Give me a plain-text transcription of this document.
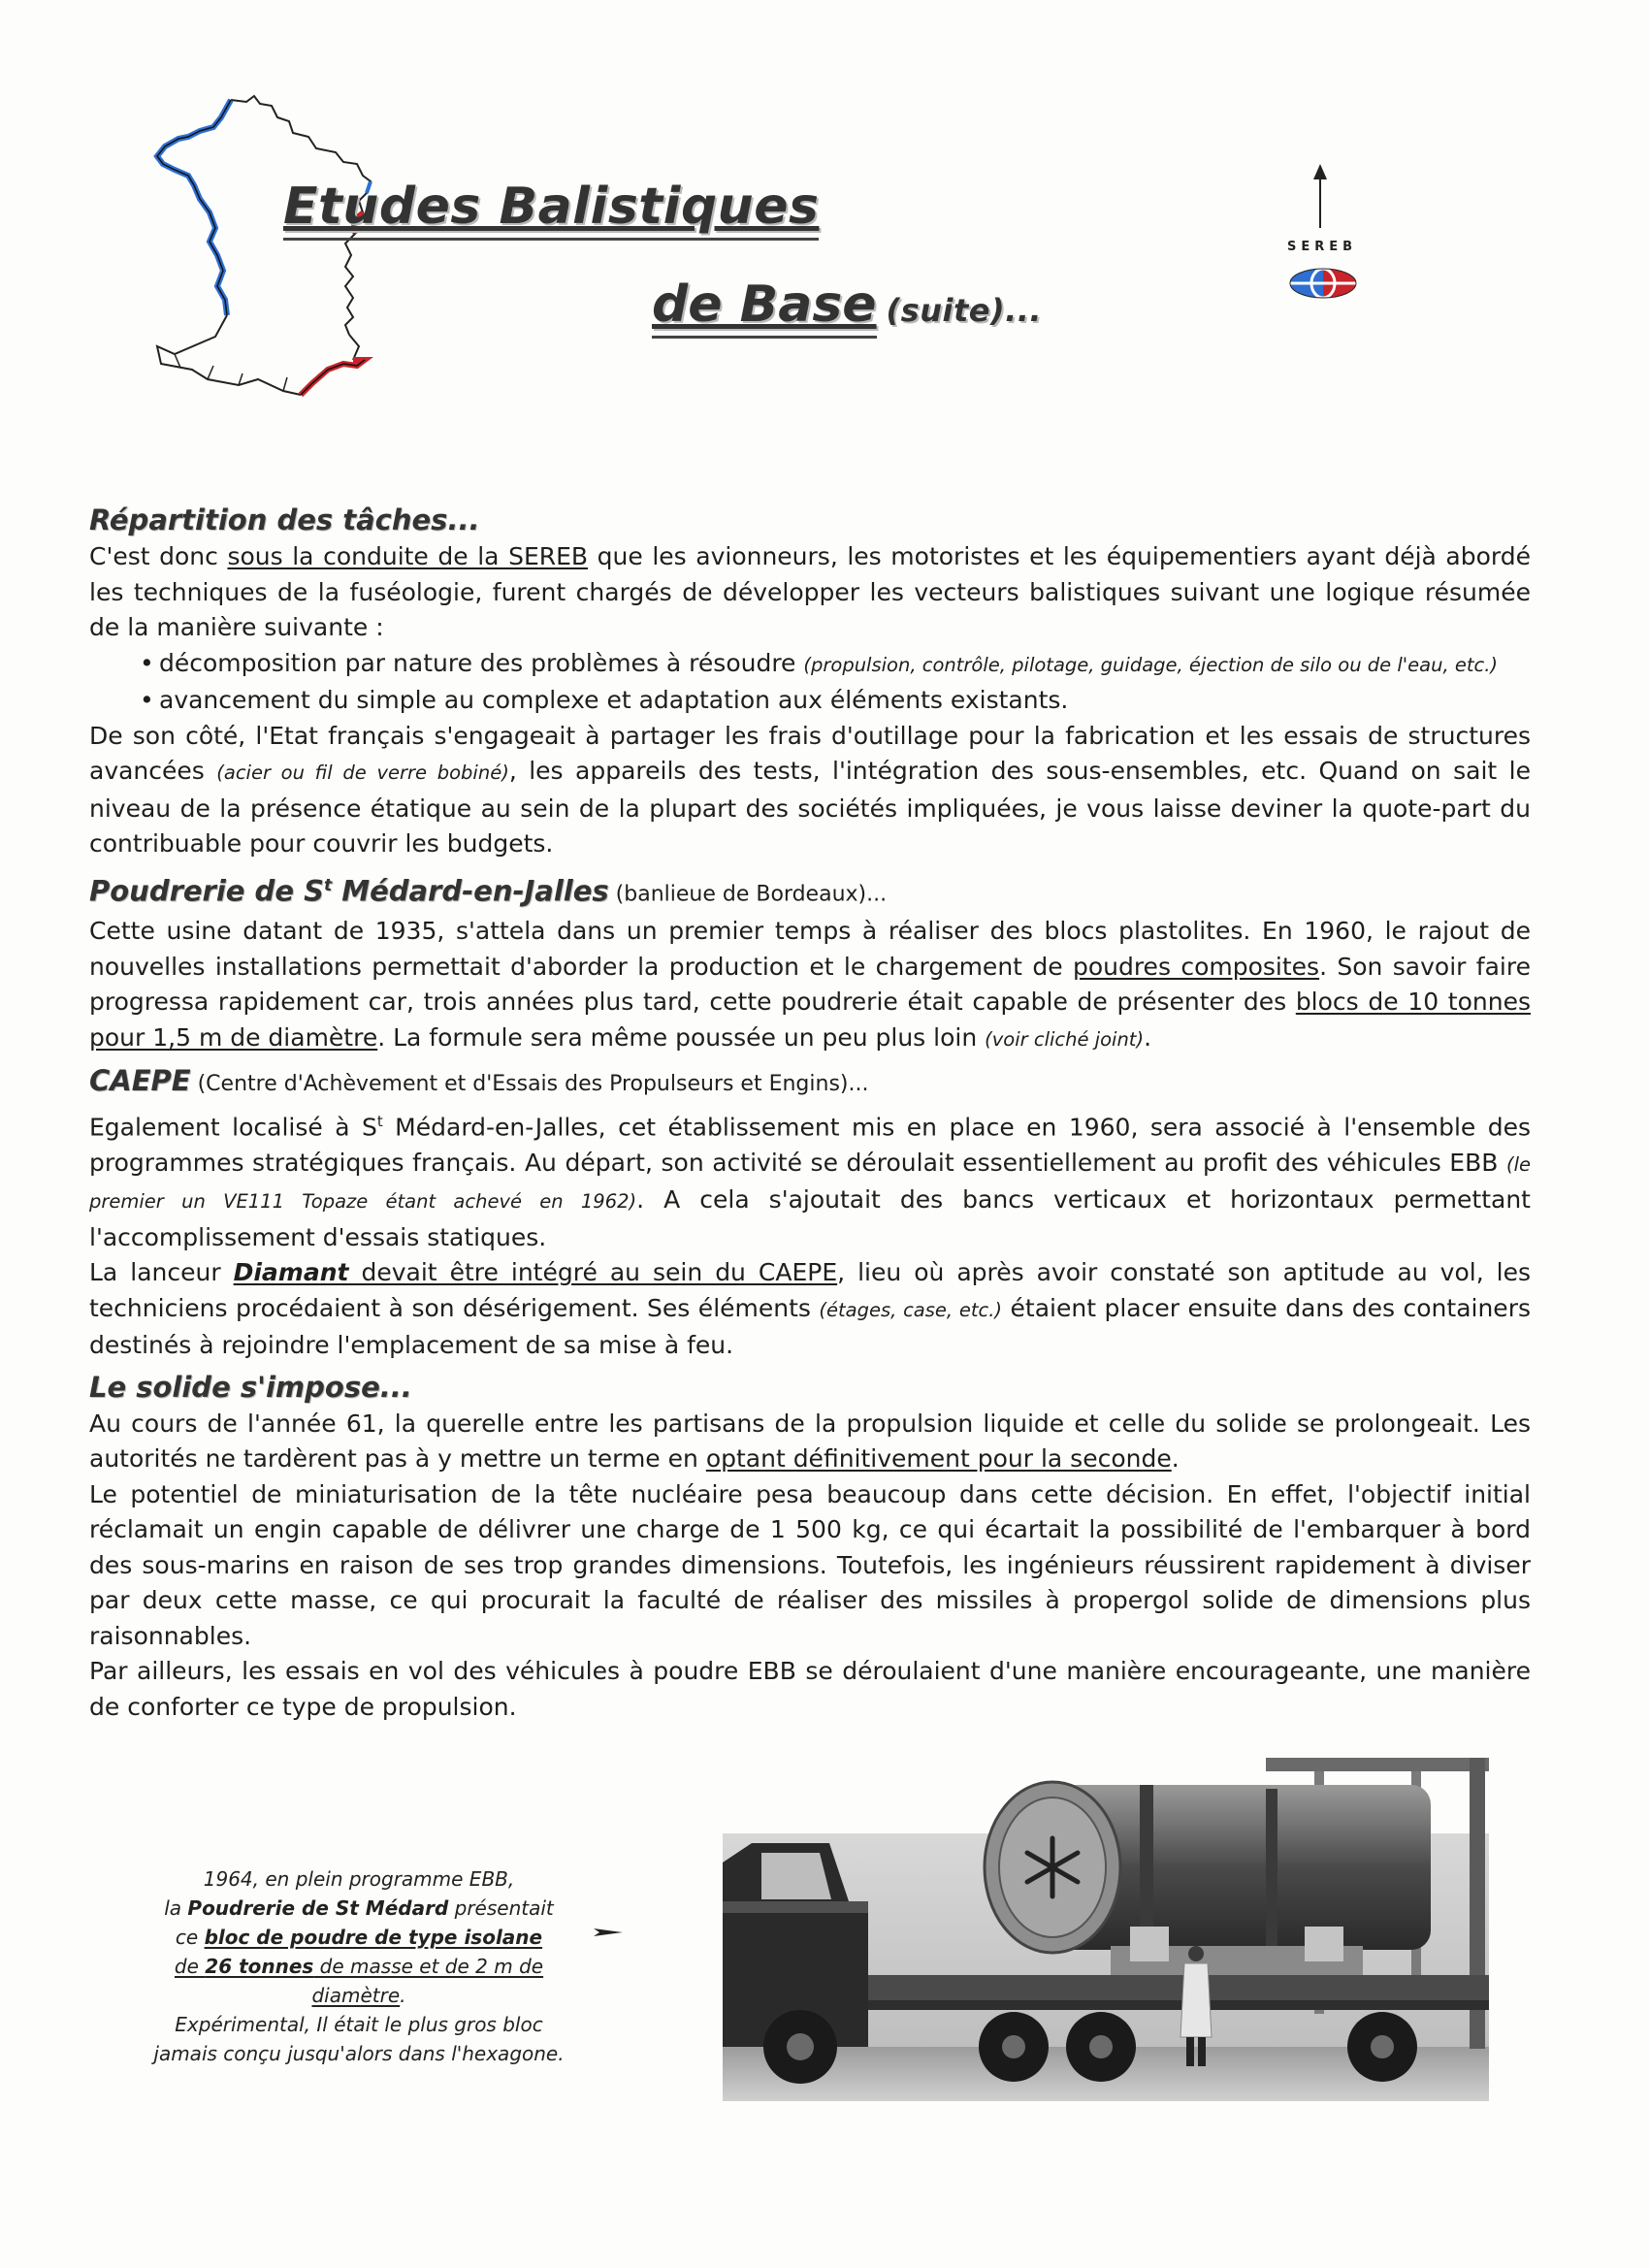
Etudes Balistiques
de Base (suite)...
SEREB
Répartition des tâches...

C'est donc sous la conduite de la SEREB que les avionneurs, les motoristes et les équipementiers ayant déjà abordé les techniques de la fuséologie, furent chargés de développer les vecteurs balistiques suivant une logique résumée de la manière suivante :

• décomposition par nature des problèmes à résoudre (propulsion, contrôle, pilotage, guidage, éjection de silo ou de l'eau, etc.)
• avancement du simple au complexe et adaptation aux éléments existants.

De son côté, l'Etat français s'engageait à partager les frais d'outillage pour la fabrication et les essais de structures avancées (acier ou fil de verre bobiné), les appareils des tests, l'intégration des sous-ensembles, etc. Quand on sait le niveau de la présence étatique au sein de la plupart des sociétés impliquées, je vous laisse deviner la quote-part du contribuable pour couvrir les budgets.

Poudrerie de $S^t$ Médard-en-Jalles (banlieue de Bordeaux)...

Cette usine datant de 1935, s'attela dans un premier temps à réaliser des blocs plastolites. En 1960, le rajout de nouvelles installations permettait d'aborder la production et le chargement de poudres composites. Son savoir faire progressa rapidement car, trois années plus tard, cette poudrerie était capable de présenter des blocs de 10 tonnes pour 1,5 m de diamètre. La formule sera même poussée un peu plus loin (voir cliché joint).

CAEPE (Centre d'Achèvement et d'Essais des Propulseurs et Engins)...

Egalement localisé à $S^t$ Médard-en-Jalles, cet établissement mis en place en 1960, sera associé à l'ensemble des programmes stratégiques français. Au départ, son activité se déroulait essentiellement au profit des véhicules EBB (le premier un VE111 Topaze étant achevé en 1962). A cela s'ajoutait des bancs verticaux et horizontaux permettant l'accomplissement d'essais statiques.

La lanceur Diamant devait être intégré au sein du CAEPE, lieu où après avoir constaté son aptitude au vol, les techniciens procédaient à son désérigement. Ses éléments (étages, case, etc.) étaient placer ensuite dans des containers destinés à rejoindre l'emplacement de sa mise à feu.

Le solide s'impose...

Au cours de l'année 61, la querelle entre les partisans de la propulsion liquide et celle du solide se prolongeait. Les autorités ne tardèrent pas à y mettre un terme en optant définitivement pour la seconde.

Le potentiel de miniaturisation de la tête nucléaire pesa beaucoup dans cette décision. En effet, l'objectif initial réclamait un engin capable de délivrer une charge de 1 500 kg, ce qui écartait la possibilité de l'embarquer à bord des sous-marins en raison de ses trop grandes dimensions. Toutefois, les ingénieurs réussirent rapidement à diviser par deux cette masse, ce qui procurait la faculté de réaliser des missiles à propergol solide de dimensions plus raisonnables.

Par ailleurs, les essais en vol des véhicules à poudre EBB se déroulaient d'une manière encourageante, une manière de conforter ce type de propulsion.

1964, en plein programme EBB,
la Poudrerie de St Médard présentait
ce bloc de poudre de type isolane
de 26 tonnes de masse et de 2 m de diamètre.
Expérimental, Il était le plus gros bloc
jamais conçu jusqu'alors dans l'hexagone.
